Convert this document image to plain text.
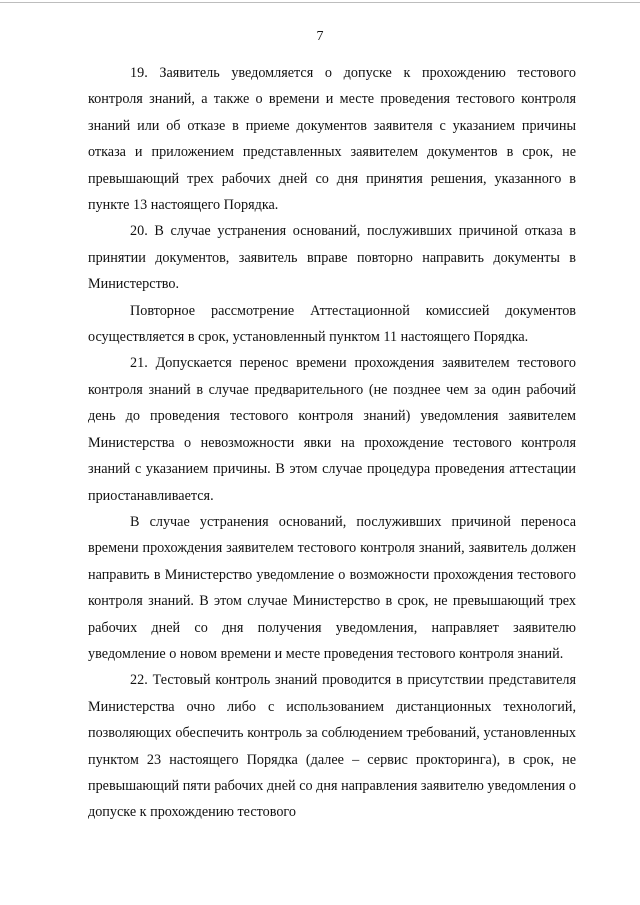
7

19. Заявитель уведомляется о допуске к прохождению тестового контроля знаний, а также о времени и месте проведения тестового контроля знаний или об отказе в приеме документов заявителя с указанием причины отказа и приложением представленных заявителем документов в срок, не превышающий трех рабочих дней со дня принятия решения, указанного в пункте 13 настоящего Порядка.

20. В случае устранения оснований, послуживших причиной отказа в принятии документов, заявитель вправе повторно направить документы в Министерство.

Повторное рассмотрение Аттестационной комиссией документов осуществляется в срок, установленный пунктом 11 настоящего Порядка.

21. Допускается перенос времени прохождения заявителем тестового контроля знаний в случае предварительного (не позднее чем за один рабочий день до проведения тестового контроля знаний) уведомления заявителем Министерства о невозможности явки на прохождение тестового контроля знаний с указанием причины. В этом случае процедура проведения аттестации приостанавливается.

В случае устранения оснований, послуживших причиной переноса времени прохождения заявителем тестового контроля знаний, заявитель должен направить в Министерство уведомление о возможности прохождения тестового контроля знаний. В этом случае Министерство в срок, не превышающий трех рабочих дней со дня получения уведомления, направляет заявителю уведомление о новом времени и месте проведения тестового контроля знаний.

22. Тестовый контроль знаний проводится в присутствии представителя Министерства очно либо с использованием дистанционных технологий, позволяющих обеспечить контроль за соблюдением требований, установленных пунктом 23 настоящего Порядка (далее – сервис прокторинга), в срок, не превышающий пяти рабочих дней со дня направления заявителю уведомления о допуске к прохождению тестового
